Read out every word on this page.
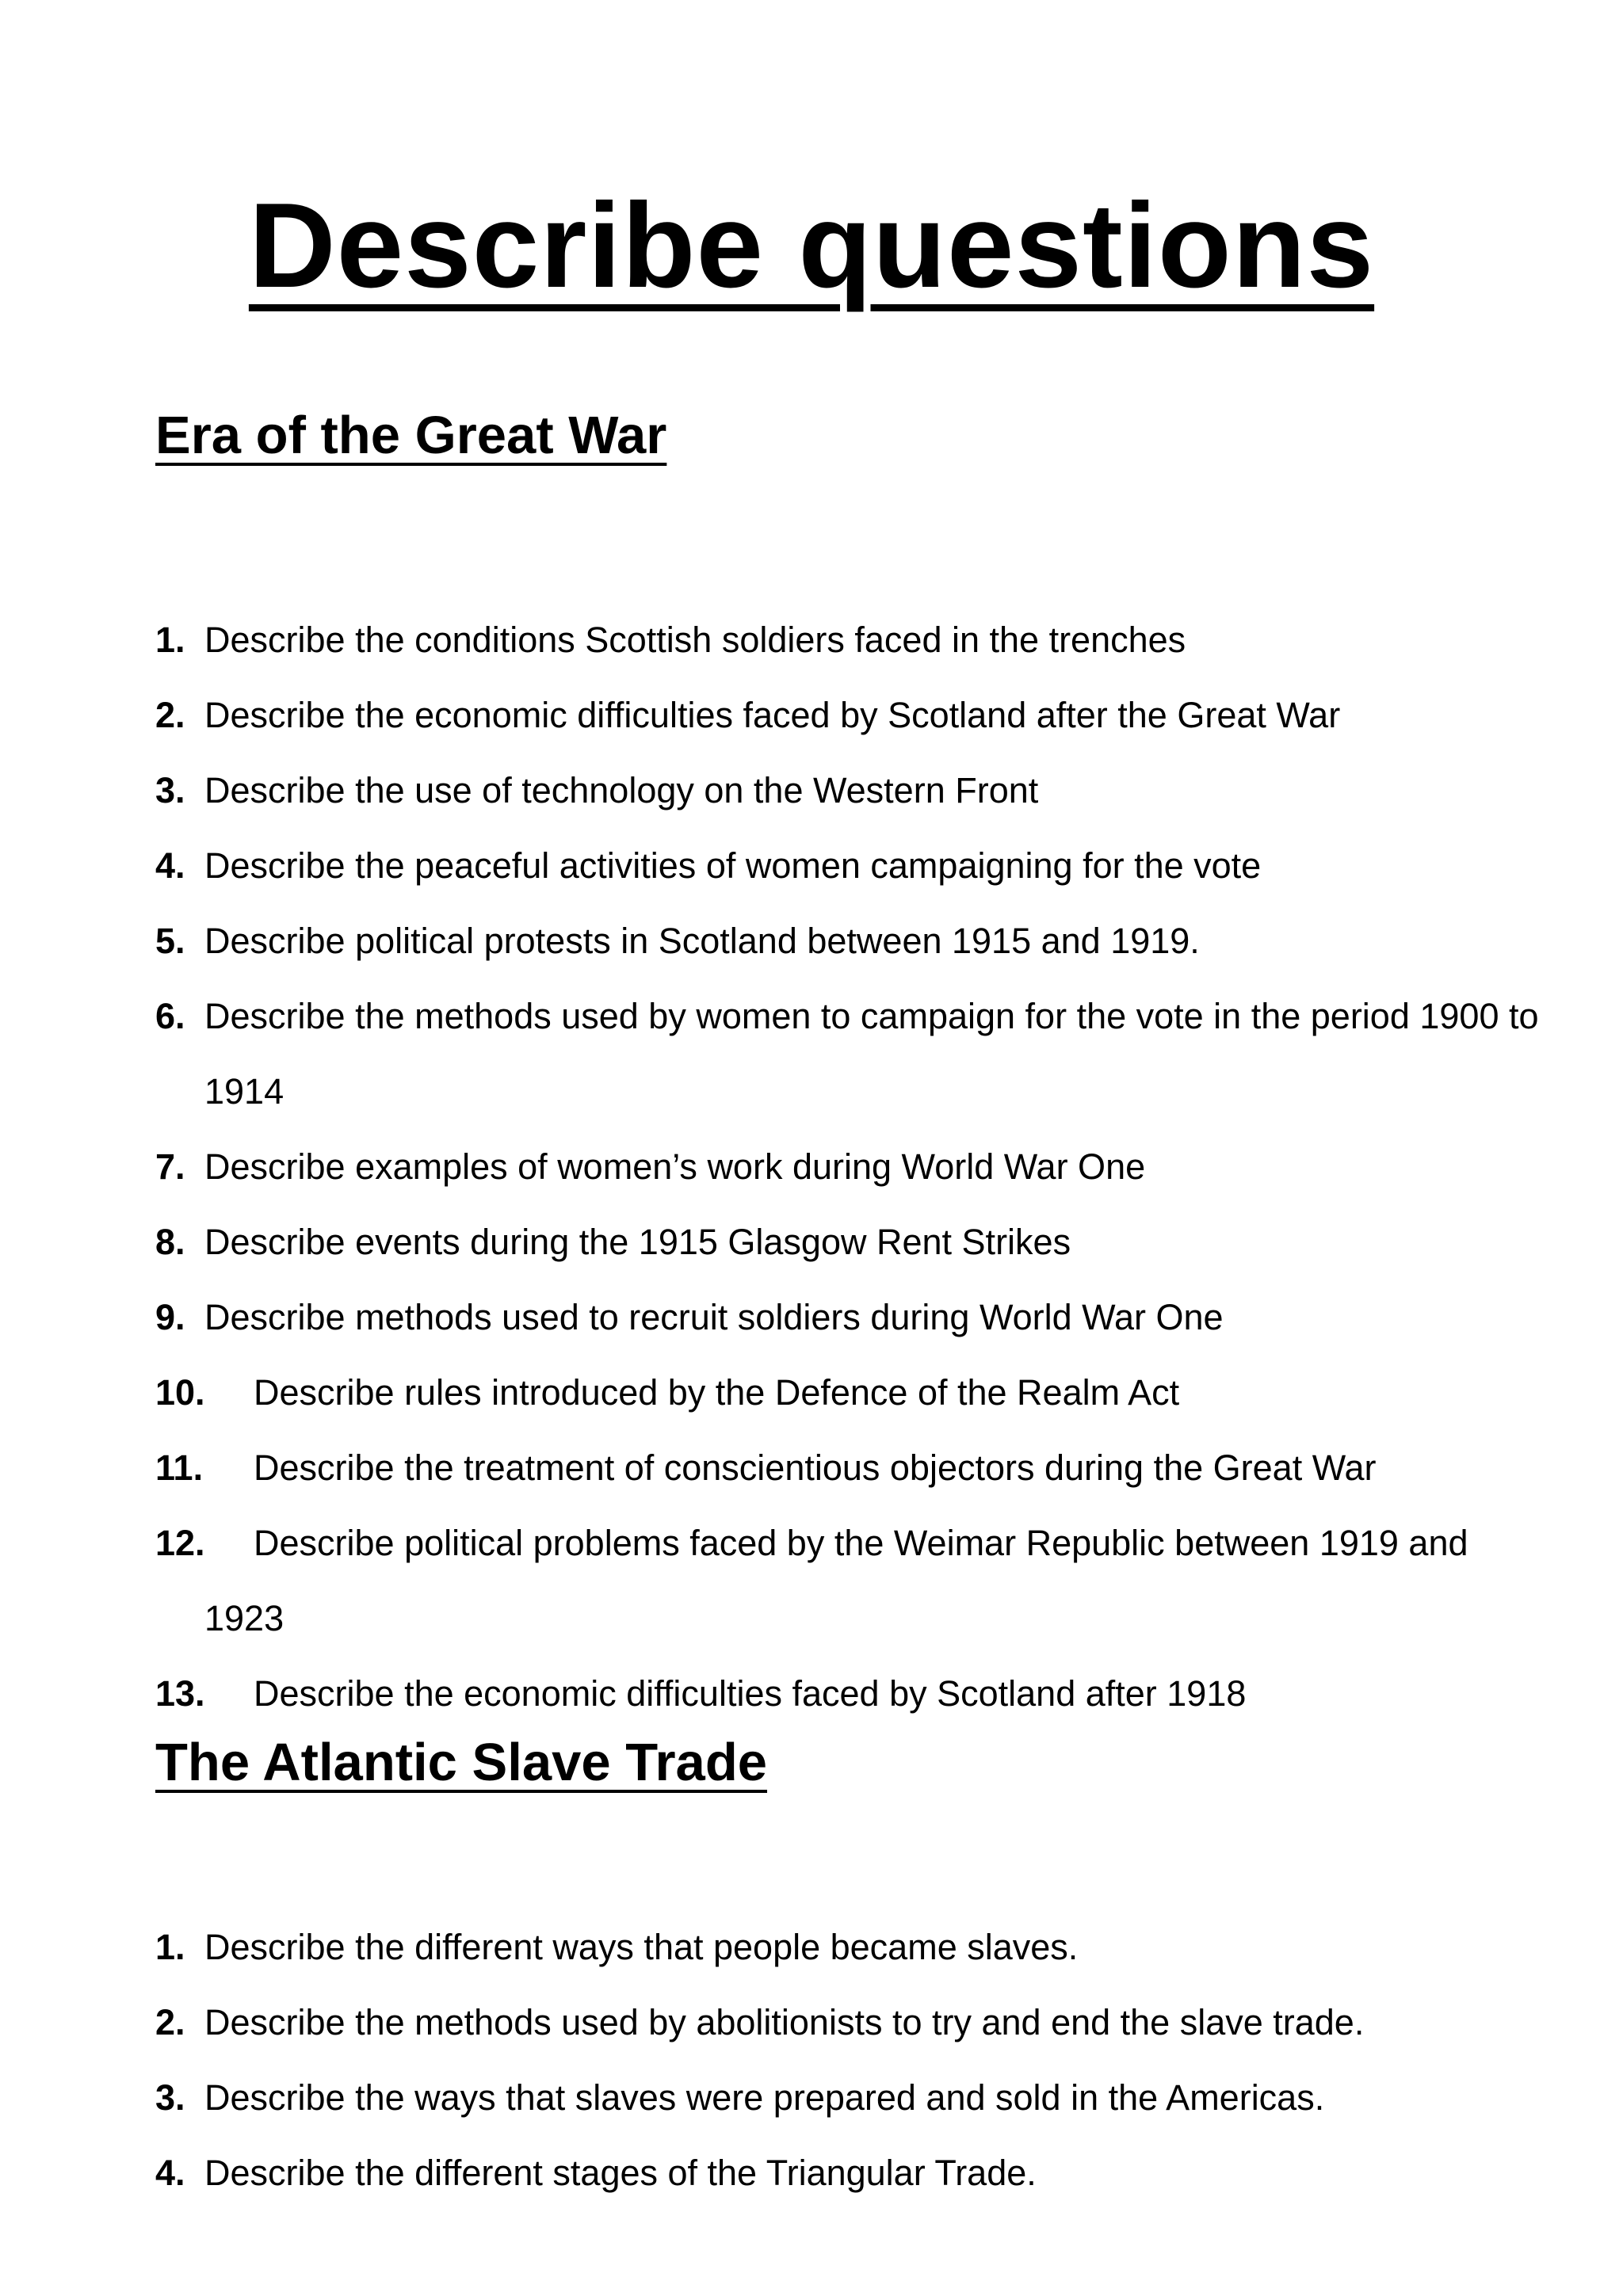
Describe questions
Era of the Great War
1. Describe the conditions Scottish soldiers faced in the trenches
2. Describe the economic difficulties faced by Scotland after the Great War
3. Describe the use of technology on the Western Front
4. Describe the peaceful activities of women campaigning for the vote
5. Describe political protests in Scotland between 1915 and 1919.
6. Describe the methods used by women to campaign for the vote in the period 1900 to 1914
7. Describe examples of women’s work during World War One
8. Describe events during the 1915 Glasgow Rent Strikes
9. Describe methods used to recruit soldiers during World War One
10. Describe rules introduced by the Defence of the Realm Act
11. Describe the treatment of conscientious objectors during the Great War
12. Describe political problems faced by the Weimar Republic between 1919 and 1923
13. Describe the economic difficulties faced by Scotland after 1918
The Atlantic Slave Trade
1. Describe the different ways that people became slaves.
2. Describe the methods used by abolitionists to try and end the slave trade.
3. Describe the ways that slaves were prepared and sold in the Americas.
4. Describe the different stages of the Triangular Trade.
